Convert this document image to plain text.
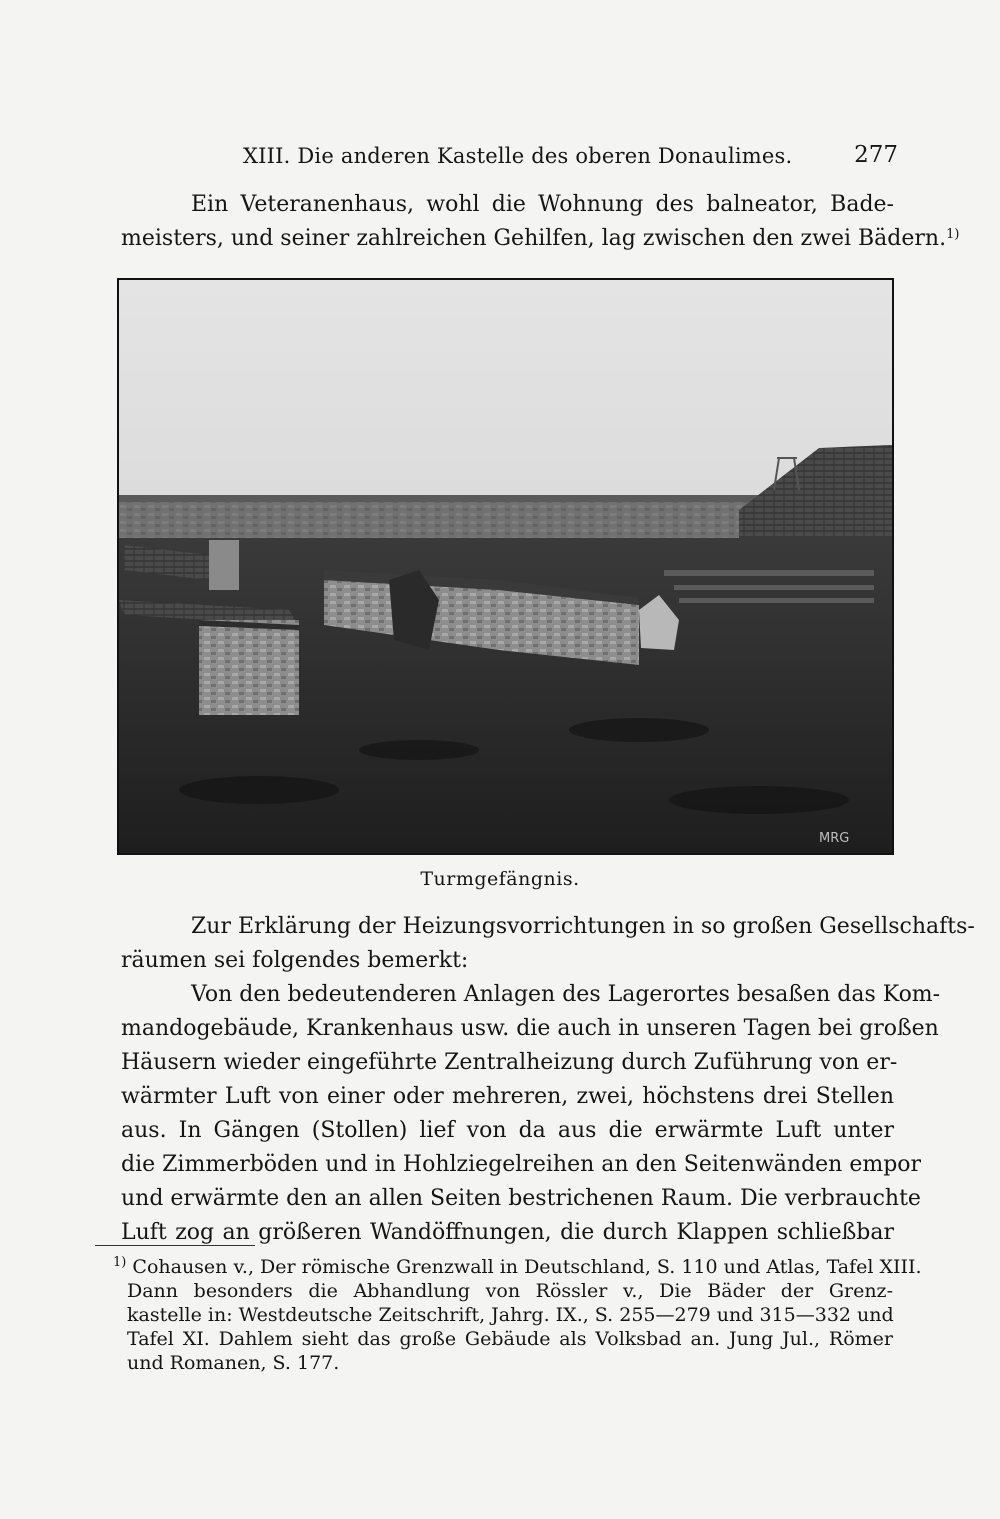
XIII. Die anderen Kastelle des oberen Donaulimes.	277
Ein Veteranenhaus, wohl die Wohnung des balneator, Bade-
meisters, und seiner zahlreichen Gehilfen, lag zwischen den zwei Bädern.$^{1)}$
MRG
Turmgefängnis.
Zur Erklärung der Heizungsvorrichtungen in so großen Gesellschafts-
räumen sei folgendes bemerkt:
Von den bedeutenderen Anlagen des Lagerortes besaßen das Kom-
mandogebäude, Krankenhaus usw. die auch in unseren Tagen bei großen
Häusern wieder eingeführte Zentralheizung durch Zuführung von er-
wärmter Luft von einer oder mehreren, zwei, höchstens drei Stellen
aus. In Gängen (Stollen) lief von da aus die erwärmte Luft unter
die Zimmerböden und in Hohlziegelreihen an den Seitenwänden empor
und erwärmte den an allen Seiten bestrichenen Raum. Die verbrauchte
Luft zog an größeren Wandöffnungen, die durch Klappen schließbar
$^{1)}$ Cohausen v., Der römische Grenzwall in Deutschland, S. 110 und Atlas, Tafel XIII.
Dann besonders die Abhandlung von Rössler v., Die Bäder der Grenz-
kastelle in: Westdeutsche Zeitschrift, Jahrg. IX., S. 255—279 und 315—332 und
Tafel XI. Dahlem sieht das große Gebäude als Volksbad an. Jung Jul., Römer
und Romanen, S. 177.
